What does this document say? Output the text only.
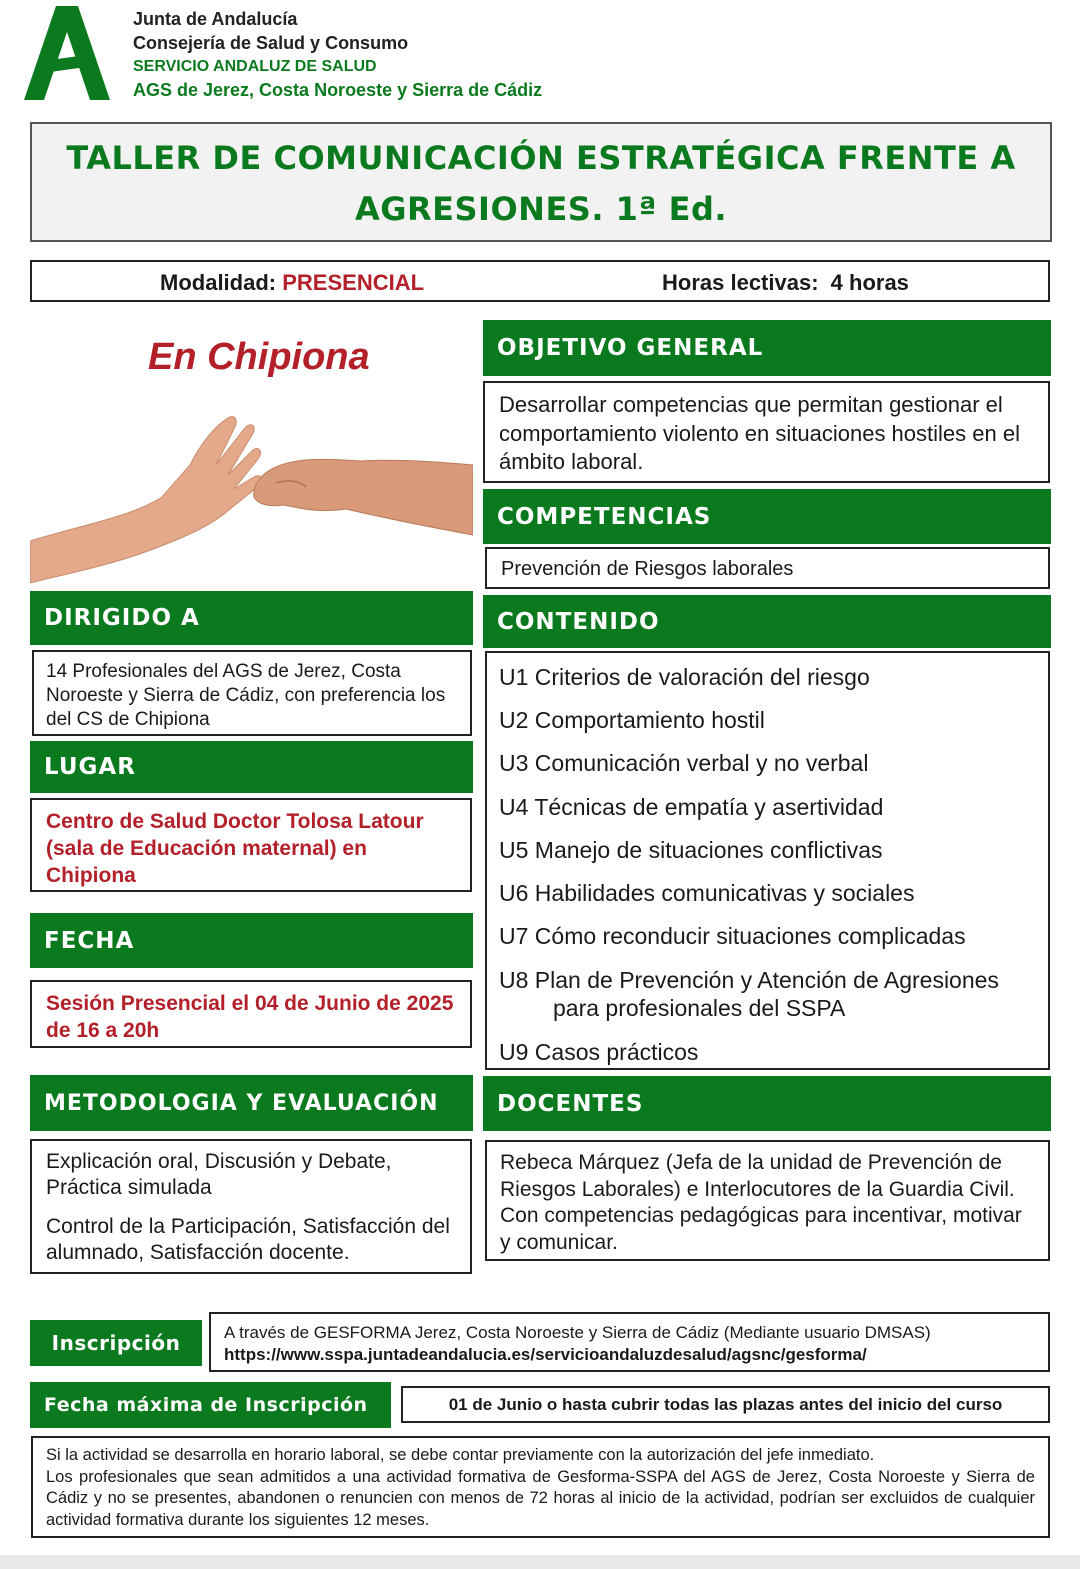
Junta de Andalucía
Consejería de Salud y Consumo
SERVICIO ANDALUZ DE SALUD
AGS de Jerez, Costa Noroeste y Sierra de Cádiz
TALLER DE COMUNICACIÓN ESTRATÉGICA FRENTE A
AGRESIONES. 1ª Ed.
Modalidad: PRESENCIAL	Horas lectivas: 4 horas
En Chipiona
DIRIGIDO A
14 Profesionales del AGS de Jerez, Costa Noroeste y Sierra de Cádiz, con preferencia los del CS de Chipiona
LUGAR
Centro de Salud Doctor Tolosa Latour (sala de Educación maternal) en Chipiona
FECHA
Sesión Presencial el 04 de Junio de 2025 de 16 a 20h
METODOLOGIA Y EVALUACIÓN
Explicación oral, Discusión y Debate, Práctica simulada
Control de la Participación, Satisfacción del alumnado, Satisfacción docente.
OBJETIVO GENERAL
Desarrollar competencias que permitan gestionar el comportamiento violento en situaciones hostiles en el ámbito laboral.
COMPETENCIAS
Prevención de Riesgos laborales
CONTENIDO
U1 Criterios de valoración del riesgo
U2 Comportamiento hostil
U3 Comunicación verbal y no verbal
U4 Técnicas de empatía y asertividad
U5 Manejo de situaciones conflictivas
U6 Habilidades comunicativas y sociales
U7 Cómo reconducir situaciones complicadas
U8 Plan de Prevención y Atención de Agresiones
para profesionales del SSPA
U9 Casos prácticos
DOCENTES
Rebeca Márquez (Jefa de la unidad de Prevención de Riesgos Laborales) e Interlocutores de la Guardia Civil. Con competencias pedagógicas para incentivar, motivar y comunicar.
Inscripción	A través de GESFORMA Jerez, Costa Noroeste y Sierra de Cádiz (Mediante usuario DMSAS)
https://www.sspa.juntadeandalucia.es/servicioandaluzdesalud/agsnc/gesforma/
Fecha máxima de Inscripción	01 de Junio o hasta cubrir todas las plazas antes del inicio del curso
Si la actividad se desarrolla en horario laboral, se debe contar previamente con la autorización del jefe inmediato.
Los profesionales que sean admitidos a una actividad formativa de Gesforma-SSPA del AGS de Jerez, Costa Noroeste y Sierra de Cádiz y no se presentes, abandonen o renuncien con menos de 72 horas al inicio de la actividad, podrían ser excluidos de cualquier actividad formativa durante los siguientes 12 meses.
